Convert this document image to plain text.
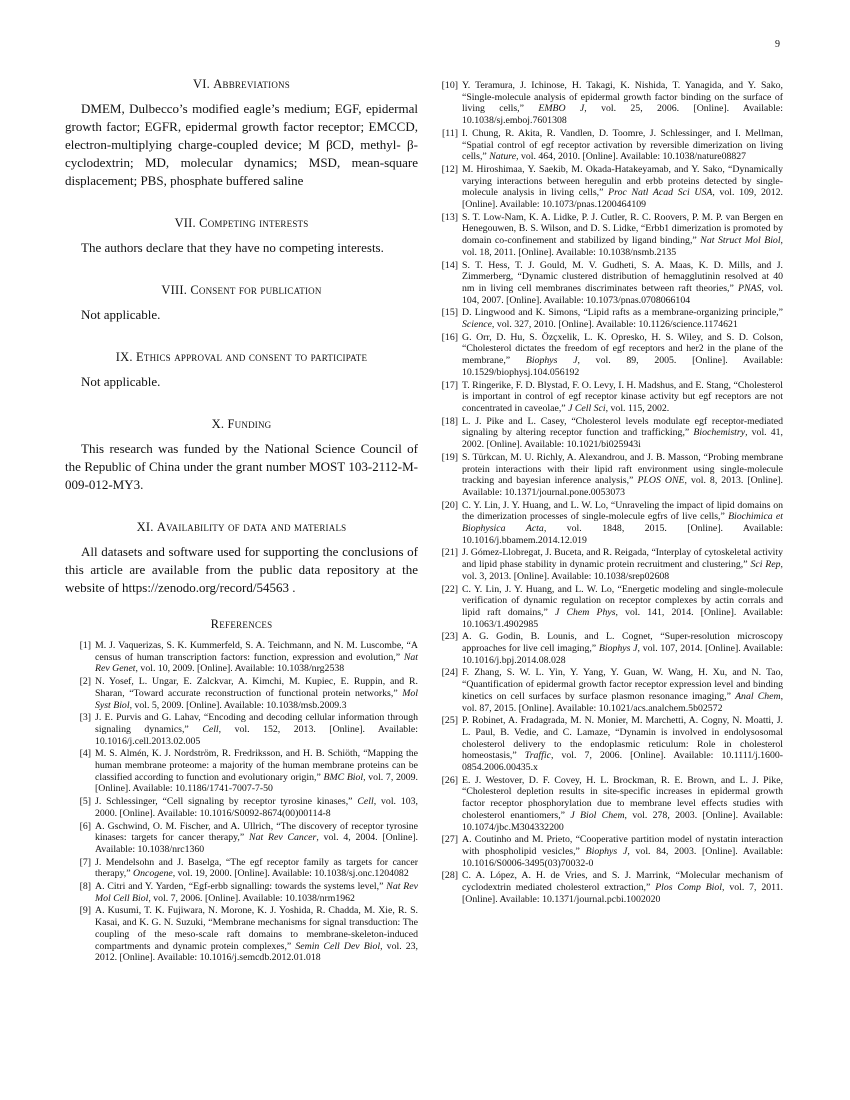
9
VI. Abbreviations

DMEM, Dulbecco’s modified eagle’s medium; EGF, epidermal growth factor; EGFR, epidermal growth factor receptor; EMCCD, electron-multiplying charge-coupled device; M βCD, methyl- β-cyclodextrin; MD, molecular dynamics; MSD, mean-square displacement; PBS, phosphate buffered saline

VII. Competing interests

The authors declare that they have no competing interests.

VIII. Consent for publication

Not applicable.

IX. Ethics approval and consent to participate

Not applicable.

X. Funding

This research was funded by the National Science Council of the Republic of China under the grant number MOST 103-2112-M-009-012-MY3.

XI. Availability of data and materials

All datasets and software used for supporting the conclusions of this article are available from the public data repository at the website of https://zenodo.org/record/54563 .

References
[1] M. J. Vaquerizas, S. K. Kummerfeld, S. A. Teichmann, and N. M. Luscombe, “A census of human transcription factors: function, expression and evolution,” Nat Rev Genet, vol. 10, 2009. [Online]. Available: 10.1038/nrg2538
[2] N. Yosef, L. Ungar, E. Zalckvar, A. Kimchi, M. Kupiec, E. Ruppin, and R. Sharan, “Toward accurate reconstruction of functional protein networks,” Mol Syst Biol, vol. 5, 2009. [Online]. Available: 10.1038/msb.2009.3
[3] J. E. Purvis and G. Lahav, “Encoding and decoding cellular information through signaling dynamics,” Cell, vol. 152, 2013. [Online]. Available: 10.1016/j.cell.2013.02.005
[4] M. S. Almén, K. J. Nordström, R. Fredriksson, and H. B. Schiöth, “Mapping the human membrane proteome: a majority of the human membrane proteins can be classified according to function and evolutionary origin,” BMC Biol, vol. 7, 2009. [Online]. Available: 10.1186/1741-7007-7-50
[5] J. Schlessinger, “Cell signaling by receptor tyrosine kinases,” Cell, vol. 103, 2000. [Online]. Available: 10.1016/S0092-8674(00)00114-8
[6] A. Gschwind, O. M. Fischer, and A. Ullrich, “The discovery of receptor tyrosine kinases: targets for cancer therapy,” Nat Rev Cancer, vol. 4, 2004. [Online]. Available: 10.1038/nrc1360
[7] J. Mendelsohn and J. Baselga, “The egf receptor family as targets for cancer therapy,” Oncogene, vol. 19, 2000. [Online]. Available: 10.1038/sj.onc.1204082
[8] A. Citri and Y. Yarden, “Egf-erbb signalling: towards the systems level,” Nat Rev Mol Cell Biol, vol. 7, 2006. [Online]. Available: 10.1038/nrm1962
[9] A. Kusumi, T. K. Fujiwara, N. Morone, K. J. Yoshida, R. Chadda, M. Xie, R. S. Kasai, and K. G. N. Suzuki, “Membrane mechanisms for signal transduction: The coupling of the meso-scale raft domains to membrane-skeleton-induced compartments and dynamic protein complexes,” Semin Cell Dev Biol, vol. 23, 2012. [Online]. Available: 10.1016/j.semcdb.2012.01.018
[10] Y. Teramura, J. Ichinose, H. Takagi, K. Nishida, T. Yanagida, and Y. Sako, “Single-molecule analysis of epidermal growth factor binding on the surface of living cells,” EMBO J, vol. 25, 2006. [Online]. Available: 10.1038/sj.emboj.7601308
[11] I. Chung, R. Akita, R. Vandlen, D. Toomre, J. Schlessinger, and I. Mellman, “Spatial control of egf receptor activation by reversible dimerization on living cells,” Nature, vol. 464, 2010. [Online]. Available: 10.1038/nature08827
[12] M. Hiroshimaa, Y. Saekib, M. Okada-Hatakeyamab, and Y. Sako, “Dynamically varying interactions between heregulin and erbb proteins detected by single-molecule analysis in living cells,” Proc Natl Acad Sci USA, vol. 109, 2012. [Online]. Available: 10.1073/pnas.1200464109
[13] S. T. Low-Nam, K. A. Lidke, P. J. Cutler, R. C. Roovers, P. M. P. van Bergen en Henegouwen, B. S. Wilson, and D. S. Lidke, “Erbb1 dimerization is promoted by domain co-confinement and stabilized by ligand binding,” Nat Struct Mol Biol, vol. 18, 2011. [Online]. Available: 10.1038/nsmb.2135
[14] S. T. Hess, T. J. Gould, M. V. Gudheti, S. A. Maas, K. D. Mills, and J. Zimmerberg, “Dynamic clustered distribution of hemagglutinin resolved at 40 nm in living cell membranes discriminates between raft theories,” PNAS, vol. 104, 2007. [Online]. Available: 10.1073/pnas.0708066104
[15] D. Lingwood and K. Simons, “Lipid rafts as a membrane-organizing principle,” Science, vol. 327, 2010. [Online]. Available: 10.1126/science.1174621
[16] G. Orr, D. Hu, S. Özçxelik, L. K. Opresko, H. S. Wiley, and S. D. Colson, “Cholesterol dictates the freedom of egf receptors and her2 in the plane of the membrane,” Biophys J, vol. 89, 2005. [Online]. Available: 10.1529/biophysj.104.056192
[17] T. Ringerike, F. D. Blystad, F. O. Levy, I. H. Madshus, and E. Stang, “Cholesterol is important in control of egf receptor kinase activity but egf receptors are not concentrated in caveolae,” J Cell Sci, vol. 115, 2002.
[18] L. J. Pike and L. Casey, “Cholesterol levels modulate egf receptor-mediated signaling by altering receptor function and trafficking,” Biochemistry, vol. 41, 2002. [Online]. Available: 10.1021/bi025943i
[19] S. Türkcan, M. U. Richly, A. Alexandrou, and J. B. Masson, “Probing membrane protein interactions with their lipid raft environment using single-molecule tracking and bayesian inference analysis,” PLOS ONE, vol. 8, 2013. [Online]. Available: 10.1371/journal.pone.0053073
[20] C. Y. Lin, J. Y. Huang, and L. W. Lo, “Unraveling the impact of lipid domains on the dimerization processes of single-molecule egfrs of live cells,” Biochimica et Biophysica Acta, vol. 1848, 2015. [Online]. Available: 10.1016/j.bbamem.2014.12.019
[21] J. Gómez-Llobregat, J. Buceta, and R. Reigada, “Interplay of cytoskeletal activity and lipid phase stability in dynamic protein recruitment and clustering,” Sci Rep, vol. 3, 2013. [Online]. Available: 10.1038/srep02608
[22] C. Y. Lin, J. Y. Huang, and L. W. Lo, “Energetic modeling and single-molecule verification of dynamic regulation on receptor complexes by actin corrals and lipid raft domains,” J Chem Phys, vol. 141, 2014. [Online]. Available: 10.1063/1.4902985
[23] A. G. Godin, B. Lounis, and L. Cognet, “Super-resolution microscopy approaches for live cell imaging,” Biophys J, vol. 107, 2014. [Online]. Available: 10.1016/j.bpj.2014.08.028
[24] F. Zhang, S. W. L. Yin, Y. Yang, Y. Guan, W. Wang, H. Xu, and N. Tao, “Quantification of epidermal growth factor receptor expression level and binding kinetics on cell surfaces by surface plasmon resonance imaging,” Anal Chem, vol. 87, 2015. [Online]. Available: 10.1021/acs.analchem.5b02572
[25] P. Robinet, A. Fradagrada, M. N. Monier, M. Marchetti, A. Cogny, N. Moatti, J. L. Paul, B. Vedie, and C. Lamaze, “Dynamin is involved in endolysosomal cholesterol delivery to the endoplasmic reticulum: Role in cholesterol homeostasis,” Traffic, vol. 7, 2006. [Online]. Available: 10.1111/j.1600-0854.2006.00435.x
[26] E. J. Westover, D. F. Covey, H. L. Brockman, R. E. Brown, and L. J. Pike, “Cholesterol depletion results in site-specific increases in epidermal growth factor receptor phosphorylation due to membrane level effects studies with cholesterol enantiomers,” J Biol Chem, vol. 278, 2003. [Online]. Available: 10.1074/jbc.M304332200
[27] A. Coutinho and M. Prieto, “Cooperative partition model of nystatin interaction with phospholipid vesicles,” Biophys J, vol. 84, 2003. [Online]. Available: 10.1016/S0006-3495(03)70032-0
[28] C. A. López, A. H. de Vries, and S. J. Marrink, “Molecular mechanism of cyclodextrin mediated cholesterol extraction,” Plos Comp Biol, vol. 7, 2011. [Online]. Available: 10.1371/journal.pcbi.1002020
